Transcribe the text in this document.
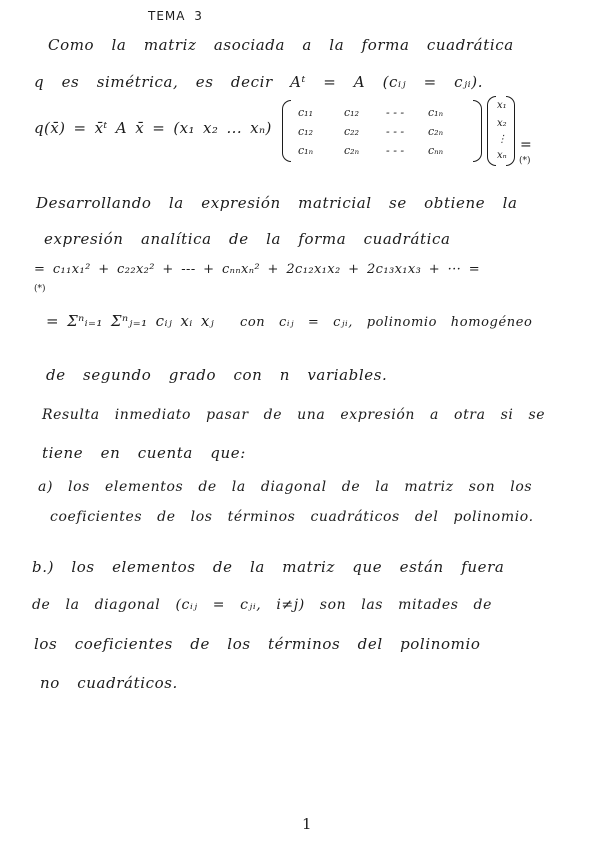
TEMA 3
Como la matriz asociada a la forma cuadrática
q es simétrica, es decir Aᵗ = A (cᵢⱼ = cⱼᵢ).
q(x̄) = x̄ᵗ A x̄ = (x₁ x₂ ... xₙ)
c₁₁	c₁₂ - - - c₁ₙ
c₁₂	c₂₂ - - - c₂ₙ
c₁ₙ	c₂ₙ - - - cₙₙ
x₁
x₂
⋮
xₙ
=
(*)
Desarrollando la expresión matricial se obtiene la
expresión analítica de la forma cuadrática
= c₁₁x₁² + c₂₂x₂² + --- + cₙₙxₙ² + 2c₁₂x₁x₂ + 2c₁₃x₁x₃ + ··· =
(*)
= Σⁿᵢ₌₁ Σⁿⱼ₌₁ cᵢⱼ xᵢ xⱼ con cᵢⱼ = cⱼᵢ, polinomio homogéneo
de segundo grado con n variables.
Resulta inmediato pasar de una expresión a otra si se
tiene en cuenta que:
a) los elementos de la diagonal de la matriz son los
coeficientes de los términos cuadráticos del polinomio.
b.) los elementos de la matriz que están fuera
de la diagonal (cᵢⱼ = cⱼᵢ, i≠j) son las mitades de
los coeficientes de los términos del polinomio
no cuadráticos.
1
